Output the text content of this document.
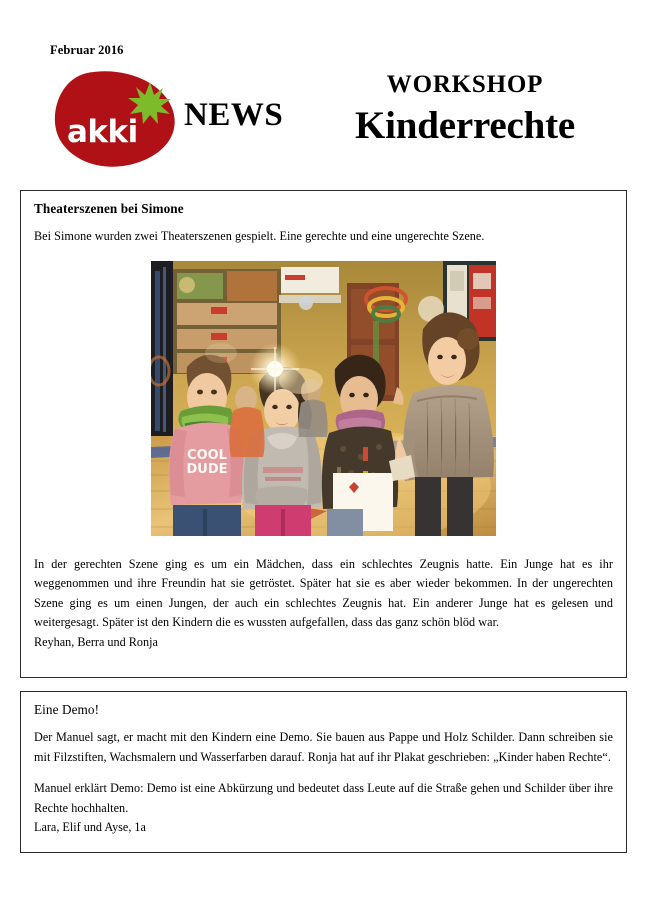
Februar 2016
akki	NEWS
WORKSHOP
Kinderrechte
Theaterszenen bei Simone

Bei Simone wurden zwei Theaterszenen gespielt. Eine gerechte und eine ungerechte Szene.

COOL
DUDE

In der gerechten Szene ging es um ein Mädchen, dass ein schlechtes Zeugnis hatte. Ein Junge hat es ihr weggenommen und ihre Freundin hat sie getröstet. Später hat sie es aber wieder bekommen. In der ungerechten Szene ging es um einen Jungen, der auch ein schlechtes Zeugnis hat. Ein anderer Junge hat es gelesen und weitergesagt. Später ist den Kindern die es wussten aufgefallen, dass das ganz schön blöd war.

Reyhan, Berra und Ronja

Eine Demo!

Der Manuel sagt, er macht mit den Kindern eine Demo. Sie bauen aus Pappe und Holz Schilder. Dann schreiben sie mit Filzstiften, Wachsmalern und Wasserfarben darauf. Ronja hat auf ihr Plakat geschrieben: „Kinder haben Rechte“.

Manuel erklärt Demo: Demo ist eine Abkürzung und bedeutet dass Leute auf die Straße gehen und Schilder über ihre Rechte hochhalten.

Lara, Elif und Ayse, 1a
